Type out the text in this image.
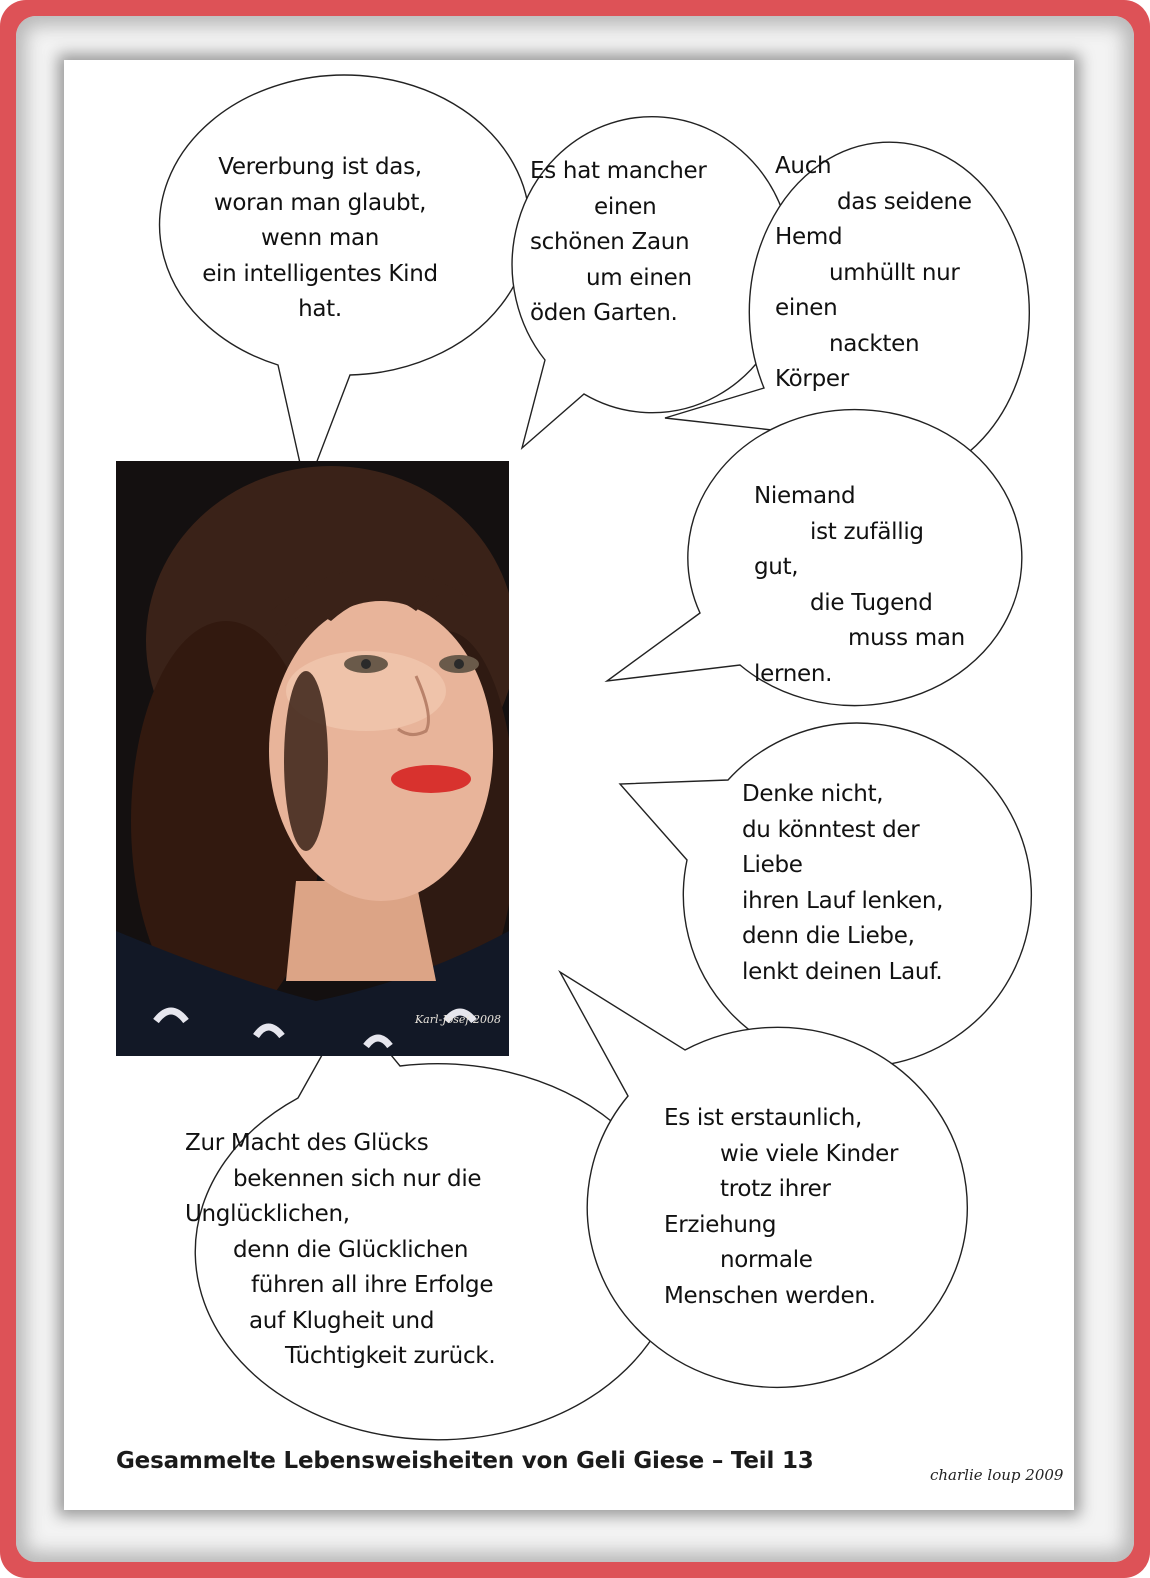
Karl-Josef 2008
Vererbung ist das,
woran man glaubt,
wenn man
ein intelligentes Kind
hat.
Es hat mancher
einen
schönen Zaun
um einen
öden Garten.
Auch
das seidene
Hemd
umhüllt nur
einen
nackten
Körper
Niemand
ist zufällig
gut,
die Tugend
muss man
lernen.
Denke nicht,
du könntest der
Liebe
ihren Lauf lenken,
denn die Liebe,
lenkt deinen Lauf.
Zur Macht des Glücks
bekennen sich nur die
Unglücklichen,
denn die Glücklichen
führen all ihre Erfolge
auf Klugheit und
Tüchtigkeit zurück.
Es ist erstaunlich,
wie viele Kinder
trotz ihrer
Erziehung
normale
Menschen werden.
Gesammelte Lebensweisheiten von Geli Giese – Teil 13
charlie loup 2009
